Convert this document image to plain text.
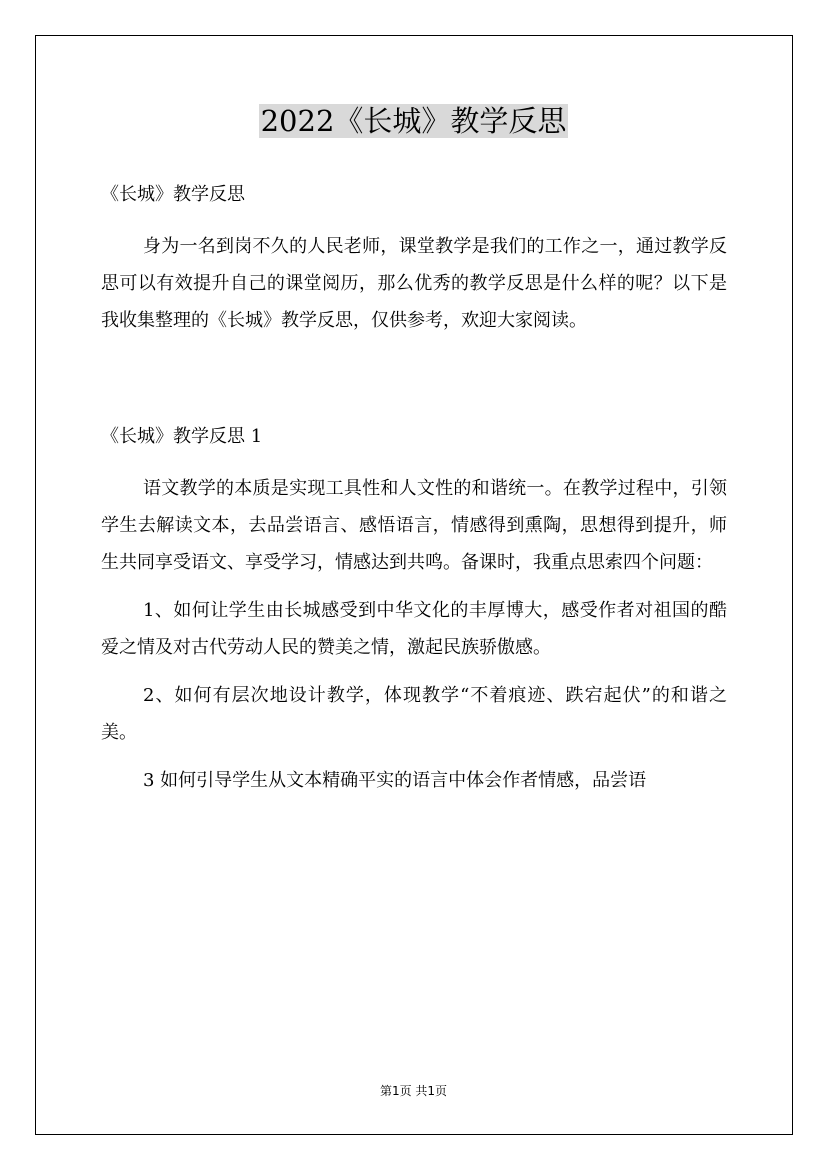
2022《长城》教学反思

《长城》教学反思

身为一名到岗不久的人民老师，课堂教学是我们的工作之一，通过教学反思可以有效提升自己的课堂阅历，那么优秀的教学反思是什么样的呢？以下是我收集整理的《长城》教学反思，仅供参考，欢迎大家阅读。

《长城》教学反思 1

语文教学的本质是实现工具性和人文性的和谐统一。在教学过程中，引领学生去解读文本，去品尝语言、感悟语言，情感得到熏陶，思想得到提升，师生共同享受语文、享受学习，情感达到共鸣。备课时，我重点思索四个问题：

1、如何让学生由长城感受到中华文化的丰厚博大，感受作者对祖国的酷爱之情及对古代劳动人民的赞美之情，激起民族骄傲感。

2、如何有层次地设计教学，体现教学“不着痕迹、跌宕起伏”的和谐之美。

3 如何引导学生从文本精确平实的语言中体会作者情感，品尝语

第1页 共1页
